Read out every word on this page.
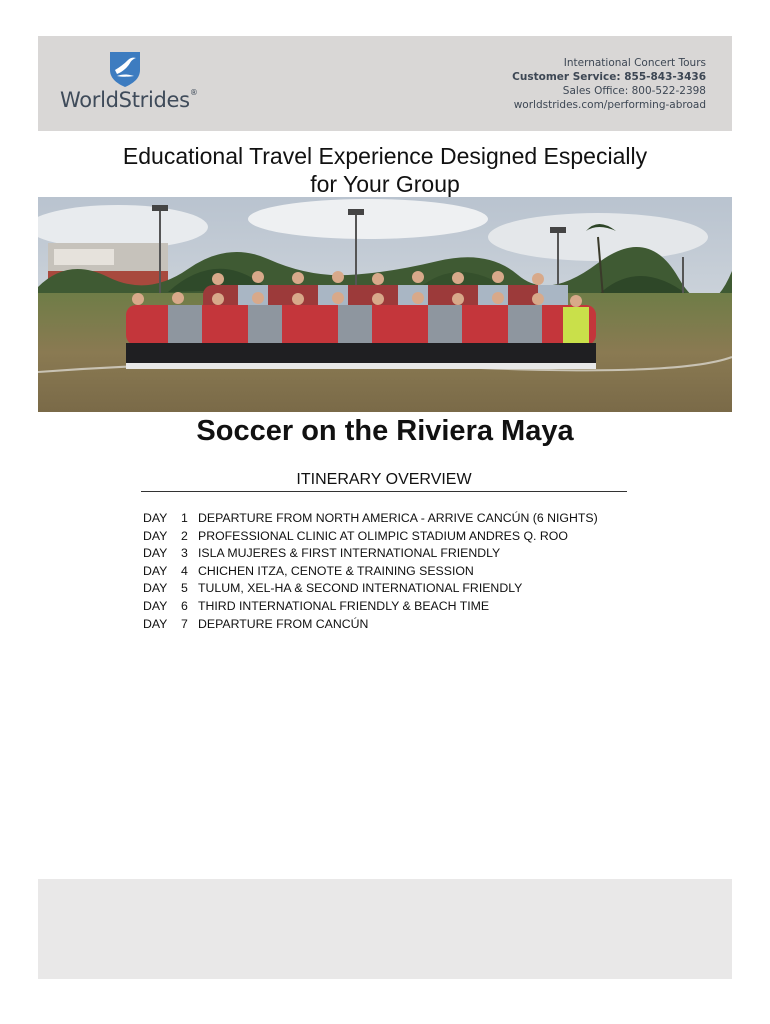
WorldStrides®
International Concert Tours
Customer Service: 855-843-3436
Sales Office: 800-522-2398
worldstrides.com/performing-abroad
Educational Travel Experience Designed Especially
for Your Group
Soccer on the Riviera Maya
ITINERARY OVERVIEW
DAY	1 DEPARTURE FROM NORTH AMERICA - ARRIVE CANCÚN (6 NIGHTS)
DAY	2 PROFESSIONAL CLINIC AT OLIMPIC STADIUM ANDRES Q. ROO
DAY	3 ISLA MUJERES & FIRST INTERNATIONAL FRIENDLY
DAY	4 CHICHEN ITZA, CENOTE & TRAINING SESSION
DAY	5 TULUM, XEL-HA & SECOND INTERNATIONAL FRIENDLY
DAY	6 THIRD INTERNATIONAL FRIENDLY & BEACH TIME
DAY	7 DEPARTURE FROM CANCÚN
